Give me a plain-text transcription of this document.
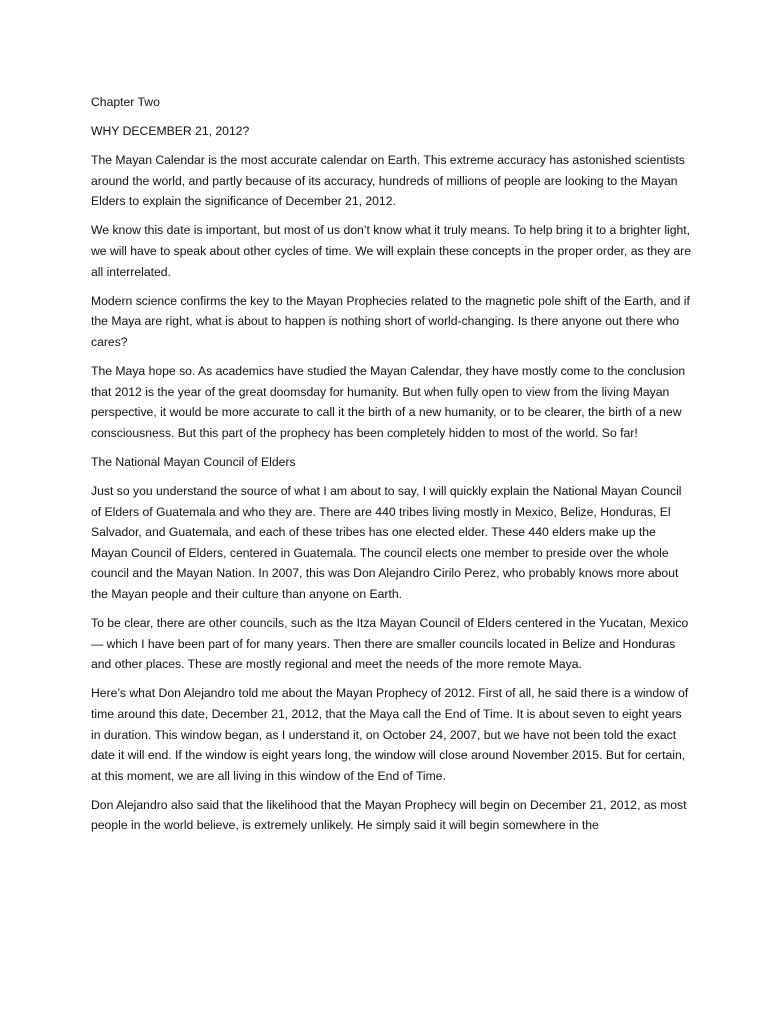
Chapter Two

WHY DECEMBER 21, 2012?

The Mayan Calendar is the most accurate calendar on Earth. This extreme accuracy has astonished scientists around the world, and partly because of its accuracy, hundreds of millions of people are looking to the Mayan Elders to explain the significance of December 21, 2012.

We know this date is important, but most of us don’t know what it truly means. To help bring it to a brighter light, we will have to speak about other cycles of time. We will explain these concepts in the proper order, as they are all interrelated.

Modern science confirms the key to the Mayan Prophecies related to the magnetic pole shift of the Earth, and if the Maya are right, what is about to happen is nothing short of world-changing. Is there anyone out there who cares?

The Maya hope so. As academics have studied the Mayan Calendar, they have mostly come to the conclusion that 2012 is the year of the great doomsday for humanity. But when fully open to view from the living Mayan perspective, it would be more accurate to call it the birth of a new humanity, or to be clearer, the birth of a new consciousness. But this part of the prophecy has been completely hidden to most of the world. So far!

The National Mayan Council of Elders

Just so you understand the source of what I am about to say, I will quickly explain the National Mayan Council of Elders of Guatemala and who they are. There are 440 tribes living mostly in Mexico, Belize, Honduras, El Salvador, and Guatemala, and each of these tribes has one elected elder. These 440 elders make up the Mayan Council of Elders, centered in Guatemala. The council elects one member to preside over the whole council and the Mayan Nation. In 2007, this was Don Alejandro Cirilo Perez, who probably knows more about the Mayan people and their culture than anyone on Earth.

To be clear, there are other councils, such as the Itza Mayan Council of Elders centered in the Yucatan, Mexico— which I have been part of for many years. Then there are smaller councils located in Belize and Honduras and other places. These are mostly regional and meet the needs of the more remote Maya.

Here’s what Don Alejandro told me about the Mayan Prophecy of 2012. First of all, he said there is a window of time around this date, December 21, 2012, that the Maya call the End of Time. It is about seven to eight years in duration. This window began, as I understand it, on October 24, 2007, but we have not been told the exact date it will end. If the window is eight years long, the window will close around November 2015. But for certain, at this moment, we are all living in this window of the End of Time.

Don Alejandro also said that the likelihood that the Mayan Prophecy will begin on December 21, 2012, as most people in the world believe, is extremely unlikely. He simply said it will begin somewhere in the
